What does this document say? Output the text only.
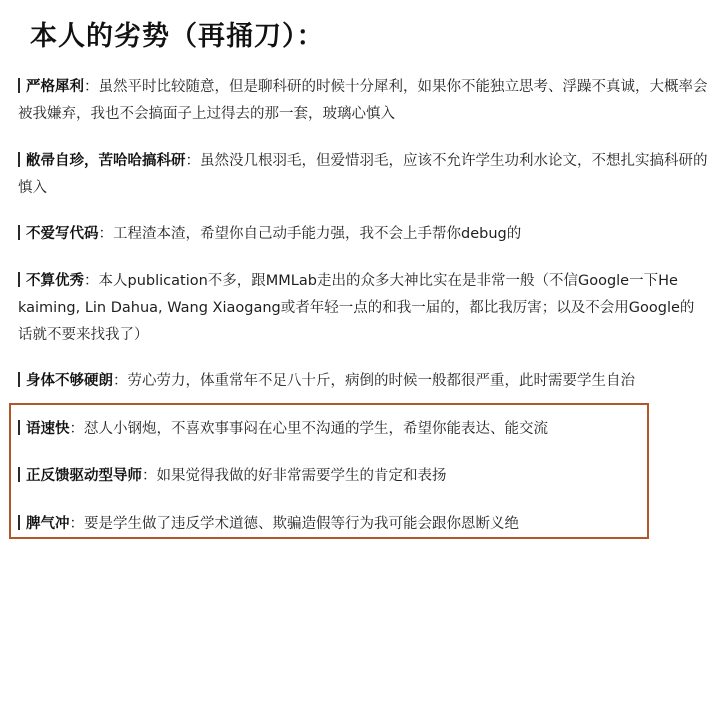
本人的劣势（再捅刀）：
严格犀利：虽然平时比较随意，但是聊科研的时候十分犀利，如果你不能独立思考、浮躁不真诚，大概率会被我嫌弃，我也不会搞面子上过得去的那一套，玻璃心慎入
敝帚自珍，苦哈哈搞科研：虽然没几根羽毛，但爱惜羽毛，应该不允许学生功利水论文，不想扎实搞科研的慎入
不爱写代码：工程渣本渣，希望你自己动手能力强，我不会上手帮你debug的
不算优秀：本人publication不多，跟MMLab走出的众多大神比实在是非常一般（不信Google一下He kaiming, Lin Dahua, Wang Xiaogang或者年轻一点的和我一届的，都比我厉害；以及不会用Google的话就不要来找我了）
身体不够硬朗：劳心劳力，体重常年不足八十斤，病倒的时候一般都很严重，此时需要学生自治
语速快：怼人小钢炮，不喜欢事事闷在心里不沟通的学生，希望你能表达、能交流
正反馈驱动型导师：如果觉得我做的好非常需要学生的肯定和表扬
脾气冲：要是学生做了违反学术道德、欺骗造假等行为我可能会跟你恩断义绝
